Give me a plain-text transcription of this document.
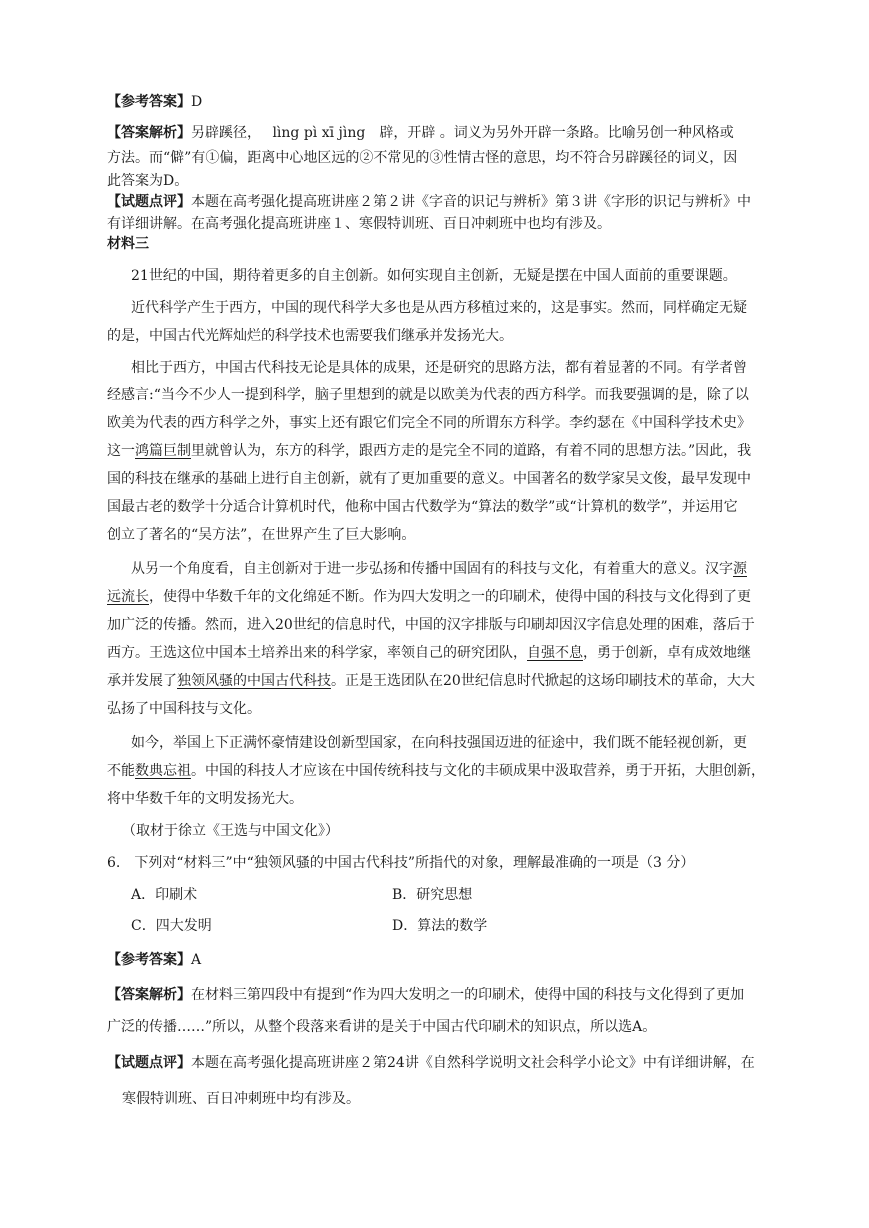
【参考答案】D
【答案解析】另辟蹊径，　 lìng pì xī jìng　辟，开辟 。词义为另外开辟一条路。比喻另创一种风格或
方法。而“僻”有①偏，距离中心地区远的②不常见的③性情古怪的意思，均不符合另辟蹊径的词义，因
此答案为D。
【试题点评】本题在高考强化提高班讲座２第２讲《字音的识记与辨析》第３讲《字形的识记与辨析》中
有详细讲解。在高考强化提高班讲座１、寒假特训班、百日冲刺班中也均有涉及。
材料三
21世纪的中国，期待着更多的自主创新。如何实现自主创新，无疑是摆在中国人面前的重要课题。
近代科学产生于西方，中国的现代科学大多也是从西方移植过来的，这是事实。然而，同样确定无疑
的是，中国古代光辉灿烂的科学技术也需要我们继承并发扬光大。
相比于西方，中国古代科技无论是具体的成果，还是研究的思路方法，都有着显著的不同。有学者曾
经感言:“当今不少人一提到科学，脑子里想到的就是以欧美为代表的西方科学。而我要强调的是，除了以
欧美为代表的西方科学之外，事实上还有跟它们完全不同的所谓东方科学。李约瑟在《中国科学技术史》
这一鸿篇巨制里就曾认为，东方的科学，跟西方走的是完全不同的道路，有着不同的思想方法。”因此，我
国的科技在继承的基础上进行自主创新，就有了更加重要的意义。中国著名的数学家吴文俊，最早发现中
国最古老的数学十分适合计算机时代，他称中国古代数学为“算法的数学”或“计算机的数学”，并运用它
创立了著名的“吴方法”，在世界产生了巨大影响。
从另一个角度看，自主创新对于进一步弘扬和传播中国固有的科技与文化，有着重大的意义。汉字源
远流长，使得中华数千年的文化绵延不断。作为四大发明之一的印刷术，使得中国的科技与文化得到了更
加广泛的传播。然而，进入20世纪的信息时代，中国的汉字排版与印刷却因汉字信息处理的困难，落后于
西方。王选这位中国本土培养出来的科学家，率领自己的研究团队，自强不息，勇于创新，卓有成效地继
承并发展了独领风骚的中国古代科技。正是王选团队在20世纪信息时代掀起的这场印刷技术的革命，大大
弘扬了中国科技与文化。
如今，举国上下正满怀豪情建设创新型国家，在向科技强国迈进的征途中，我们既不能轻视创新，更
不能数典忘祖。中国的科技人才应该在中国传统科技与文化的丰硕成果中汲取营养，勇于开拓，大胆创新，
将中华数千年的文明发扬光大。
（取材于徐立《王选与中国文化》）
6.　下列对“材料三”中“独领风骚的中国古代科技”所指代的对象，理解最准确的一项是（3 分）
A．印刷术	B．研究思想
C．四大发明	D．算法的数学
【参考答案】A
【答案解析】在材料三第四段中有提到“作为四大发明之一的印刷术，使得中国的科技与文化得到了更加
广泛的传播……”所以，从整个段落来看讲的是关于中国古代印刷术的知识点，所以选A。
【试题点评】本题在高考强化提高班讲座２第24讲《自然科学说明文社会科学小论文》中有详细讲解，在
寒假特训班、百日冲刺班中均有涉及。
